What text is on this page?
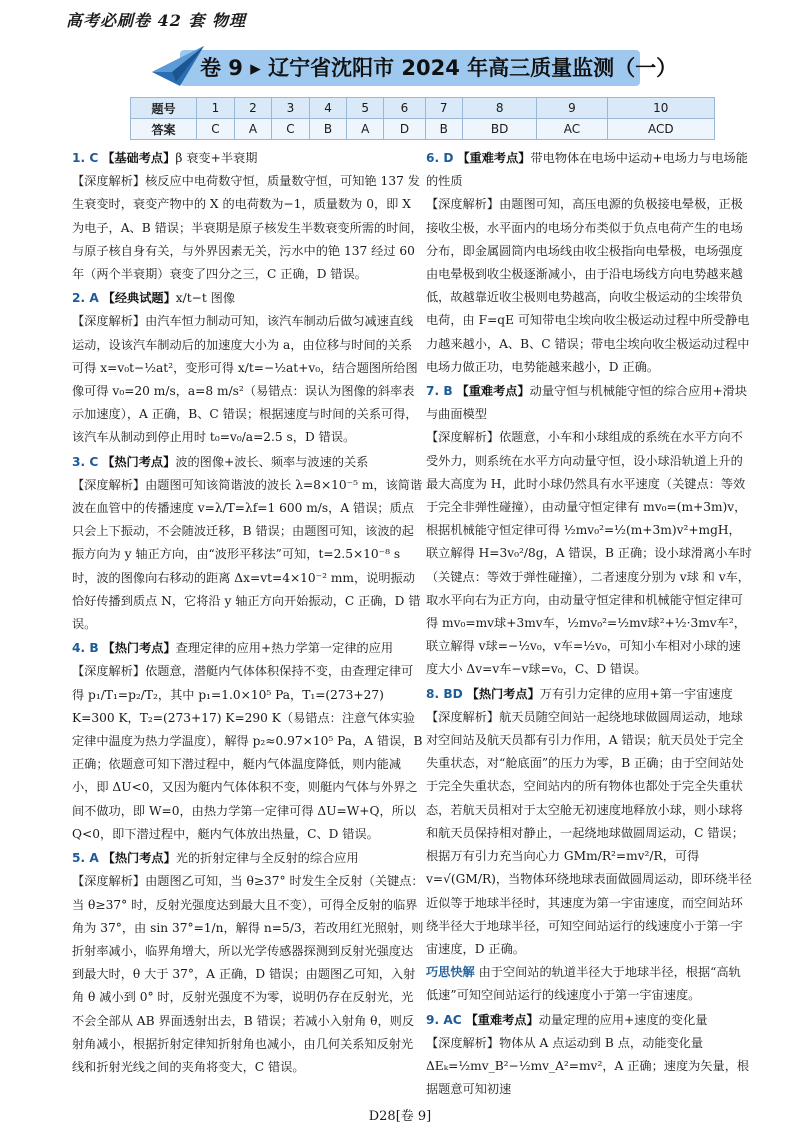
高考必刷卷 42 套 物理
卷 9 ▸ 辽宁省沈阳市 2024 年高三质量监测（一）
题号	1	2	3	4	5	6	7	8	9	10
答案	C	A	C	B	A	D	B	BD	AC	ACD
1. C 【基础考点】β 衰变+半衰期
【深度解析】核反应中电荷数守恒，质量数守恒，可知铯 137 发生衰变时，衰变产物中的 X 的电荷数为−1，质量数为 0，即 X 为电子，A、B 错误；半衰期是原子核发生半数衰变所需的时间，与原子核自身有关，与外界因素无关，污水中的铯 137 经过 60 年（两个半衰期）衰变了四分之三，C 正确，D 错误。
2. A 【经典试题】x/t−t 图像
【深度解析】由汽车恒力制动可知，该汽车制动后做匀减速直线运动，设该汽车制动后的加速度大小为 a，由位移与时间的关系可得 x=v₀t−½at²，变形可得 x/t=−½at+v₀，结合题图所给图像可得 v₀=20 m/s，a=8 m/s²（易错点：误认为图像的斜率表示加速度），A 正确，B、C 错误；根据速度与时间的关系可得，该汽车从制动到停止用时 t₀=v₀/a=2.5 s，D 错误。
3. C 【热门考点】波的图像+波长、频率与波速的关系
【深度解析】由题图可知该简谐波的波长 λ=8×10⁻⁵ m，该简谐波在血管中的传播速度 v=λ/T=λf=1 600 m/s，A 错误；质点只会上下振动，不会随波迁移，B 错误；由题图可知，该波的起振方向为 y 轴正方向，由“波形平移法”可知，t=2.5×10⁻⁸ s 时，波的图像向右移动的距离 Δx=vt=4×10⁻² mm，说明振动恰好传播到质点 N，它将沿 y 轴正方向开始振动，C 正确，D 错误。
4. B 【热门考点】查理定律的应用+热力学第一定律的应用
【深度解析】依题意，潜艇内气体体积保持不变，由查理定律可得 p₁/T₁=p₂/T₂，其中 p₁=1.0×10⁵ Pa，T₁=(273+27) K=300 K，T₂=(273+17) K=290 K（易错点：注意气体实验定律中温度为热力学温度），解得 p₂≈0.97×10⁵ Pa，A 错误，B 正确；依题意可知下潜过程中，艇内气体温度降低，则内能减小，即 ΔU<0，又因为艇内气体体积不变，则艇内气体与外界之间不做功，即 W=0，由热力学第一定律可得 ΔU=W+Q，所以 Q<0，即下潜过程中，艇内气体放出热量，C、D 错误。
5. A 【热门考点】光的折射定律与全反射的综合应用
【深度解析】由题图乙可知，当 θ≥37° 时发生全反射（关键点：当 θ≥37° 时，反射光强度达到最大且不变），可得全反射的临界角为 37°，由 sin 37°=1/n，解得 n=5/3，若改用红光照射，则折射率减小，临界角增大，所以光学传感器探测到反射光强度达到最大时，θ 大于 37°，A 正确，D 错误；由题图乙可知，入射角 θ 减小到 0° 时，反射光强度不为零，说明仍存在反射光，光不会全部从 AB 界面透射出去，B 错误；若减小入射角 θ，则反射角减小，根据折射定律知折射角也减小，由几何关系知反射光线和折射光线之间的夹角将变大，C 错误。
6. D 【重难考点】带电物体在电场中运动+电场力与电场能的性质
【深度解析】由题图可知，高压电源的负极接电晕极，正极接收尘极，水平面内的电场分布类似于负点电荷产生的电场分布，即金属圆筒内电场线由收尘极指向电晕极，电场强度由电晕极到收尘极逐渐减小，由于沿电场线方向电势越来越低，故越靠近收尘极则电势越高，向收尘极运动的尘埃带负电荷，由 F=qE 可知带电尘埃向收尘极运动过程中所受静电力越来越小，A、B、C 错误；带电尘埃向收尘极运动过程中电场力做正功，电势能越来越小，D 正确。
7. B 【重难考点】动量守恒与机械能守恒的综合应用+滑块与曲面模型
【深度解析】依题意，小车和小球组成的系统在水平方向不受外力，则系统在水平方向动量守恒，设小球沿轨道上升的最大高度为 H，此时小球仍然具有水平速度（关键点：等效于完全非弹性碰撞），由动量守恒定律有 mv₀=(m+3m)v，根据机械能守恒定律可得 ½mv₀²=½(m+3m)v²+mgH，联立解得 H=3v₀²/8g，A 错误，B 正确；设小球滑离小车时（关键点：等效于弹性碰撞），二者速度分别为 v球 和 v车，取水平向右为正方向，由动量守恒定律和机械能守恒定律可得 mv₀=mv球+3mv车，½mv₀²=½mv球²+½·3mv车²，联立解得 v球=−½v₀，v车=½v₀，可知小车相对小球的速度大小 Δv=v车−v球=v₀，C、D 错误。
8. BD 【热门考点】万有引力定律的应用+第一宇宙速度
【深度解析】航天员随空间站一起绕地球做圆周运动，地球对空间站及航天员都有引力作用，A 错误；航天员处于完全失重状态，对“舱底面”的压力为零，B 正确；由于空间站处于完全失重状态，空间站内的所有物体也都处于完全失重状态，若航天员相对于太空舱无初速度地释放小球，则小球将和航天员保持相对静止，一起绕地球做圆周运动，C 错误；根据万有引力充当向心力 GMm/R²=mv²/R，可得 v=√(GM/R)，当物体环绕地球表面做圆周运动，即环绕半径近似等于地球半径时，其速度为第一宇宙速度，而空间站环绕半径大于地球半径，可知空间站运行的线速度小于第一宇宙速度，D 正确。
巧思快解 由于空间站的轨道半径大于地球半径，根据“高轨低速”可知空间站运行的线速度小于第一宇宙速度。
9. AC 【重难考点】动量定理的应用+速度的变化量
【深度解析】物体从 A 点运动到 B 点，动能变化量 ΔEₖ=½mv_B²−½mv_A²=mv²，A 正确；速度为矢量，根据题意可知初速
D28[卷 9]
